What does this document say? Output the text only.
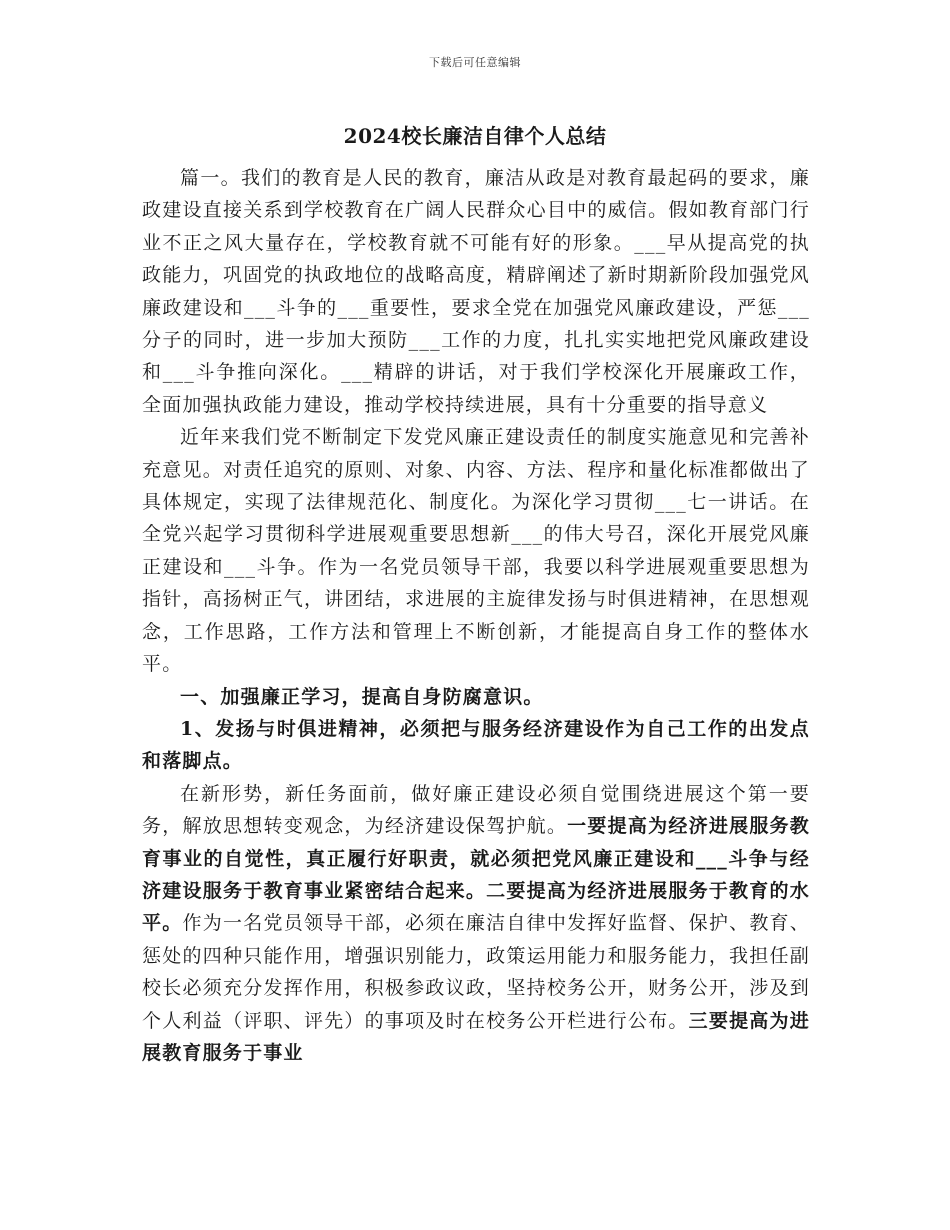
下载后可任意编辑
2024校长廉洁自律个人总结

篇一。我们的教育是人民的教育，廉洁从政是对教育最起码的要求，廉政建设直接关系到学校教育在广阔人民群众心目中的威信。假如教育部门行业不正之风大量存在，学校教育就不可能有好的形象。___早从提高党的执政能力，巩固党的执政地位的战略高度，精辟阐述了新时期新阶段加强党风廉政建设和___斗争的___重要性，要求全党在加强党风廉政建设，严惩___分子的同时，进一步加大预防___工作的力度，扎扎实实地把党风廉政建设和___斗争推向深化。___精辟的讲话，对于我们学校深化开展廉政工作，全面加强执政能力建设，推动学校持续进展，具有十分重要的指导意义

近年来我们党不断制定下发党风廉正建设责任的制度实施意见和完善补充意见。对责任追究的原则、对象、内容、方法、程序和量化标准都做出了具体规定，实现了法律规范化、制度化。为深化学习贯彻___七一讲话。在全党兴起学习贯彻科学进展观重要思想新___的伟大号召，深化开展党风廉正建设和___斗争。作为一名党员领导干部，我要以科学进展观重要思想为指针，高扬树正气，讲团结，求进展的主旋律发扬与时俱进精神，在思想观念，工作思路，工作方法和管理上不断创新，才能提高自身工作的整体水平。

一、加强廉正学习，提高自身防腐意识。

1、发扬与时俱进精神，必须把与服务经济建设作为自己工作的出发点和落脚点。

在新形势，新任务面前，做好廉正建设必须自觉围绕进展这个第一要务，解放思想转变观念，为经济建设保驾护航。一要提高为经济进展服务教育事业的自觉性，真正履行好职责，就必须把党风廉正建设和___斗争与经济建设服务于教育事业紧密结合起来。二要提高为经济进展服务于教育的水平。作为一名党员领导干部，必须在廉洁自律中发挥好监督、保护、教育、惩处的四种只能作用，增强识别能力，政策运用能力和服务能力，我担任副校长必须充分发挥作用，积极参政议政，坚持校务公开，财务公开，涉及到个人利益（评职、评先）的事项及时在校务公开栏进行公布。三要提高为进展教育服务于事业
